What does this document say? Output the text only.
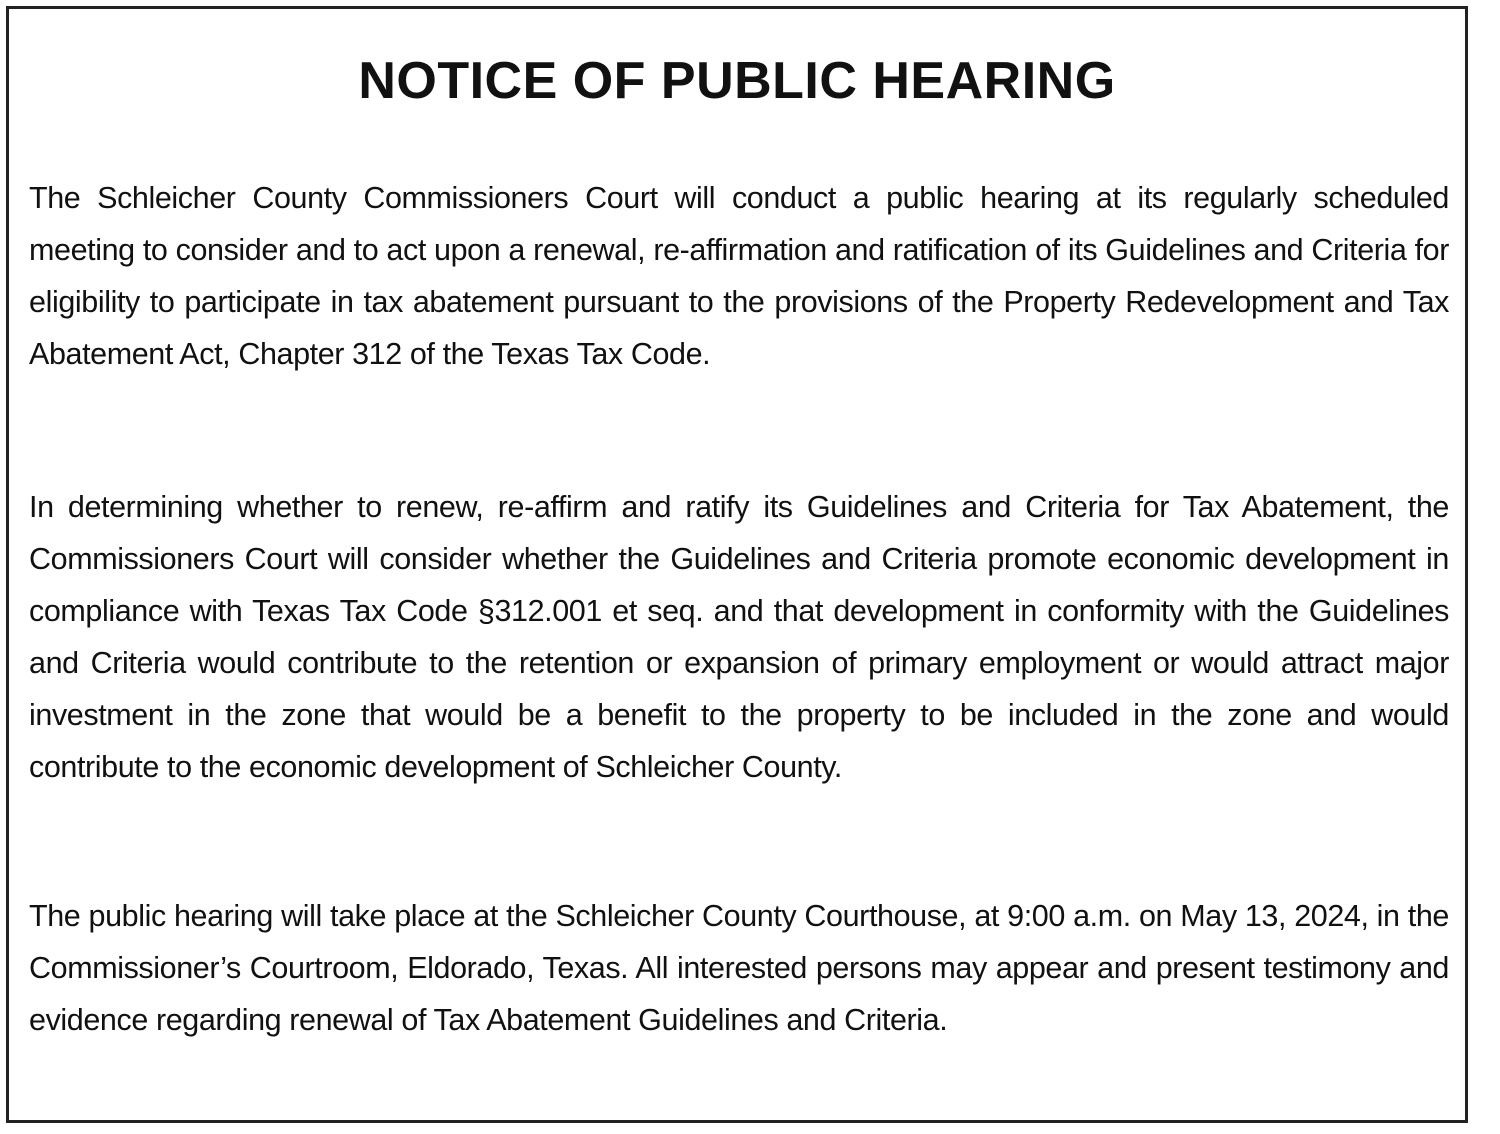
NOTICE OF PUBLIC HEARING

The Schleicher County Commissioners Court will conduct a public hearing at its regularly scheduled meeting to consider and to act upon a renewal, re-affirmation and ratification of its Guidelines and Criteria for eligibility to participate in tax abatement pursuant to the provisions of the Property Redevelopment and Tax Abatement Act, Chapter 312 of the Texas Tax Code.

In determining whether to renew, re-affirm and ratify its Guidelines and Criteria for Tax Abatement, the Commissioners Court will consider whether the Guidelines and Criteria promote economic development in compliance with Texas Tax Code §312.001 et seq. and that development in conformity with the Guidelines and Criteria would contribute to the retention or expansion of primary employment or would attract major investment in the zone that would be a benefit to the property to be included in the zone and would contribute to the economic development of Schleicher County.

The public hearing will take place at the Schleicher County Courthouse, at 9:00 a.m. on May 13, 2024, in the Commissioner’s Courtroom, Eldorado, Texas. All interested persons may appear and present testimony and evidence regarding renewal of Tax Abatement Guidelines and Criteria.
